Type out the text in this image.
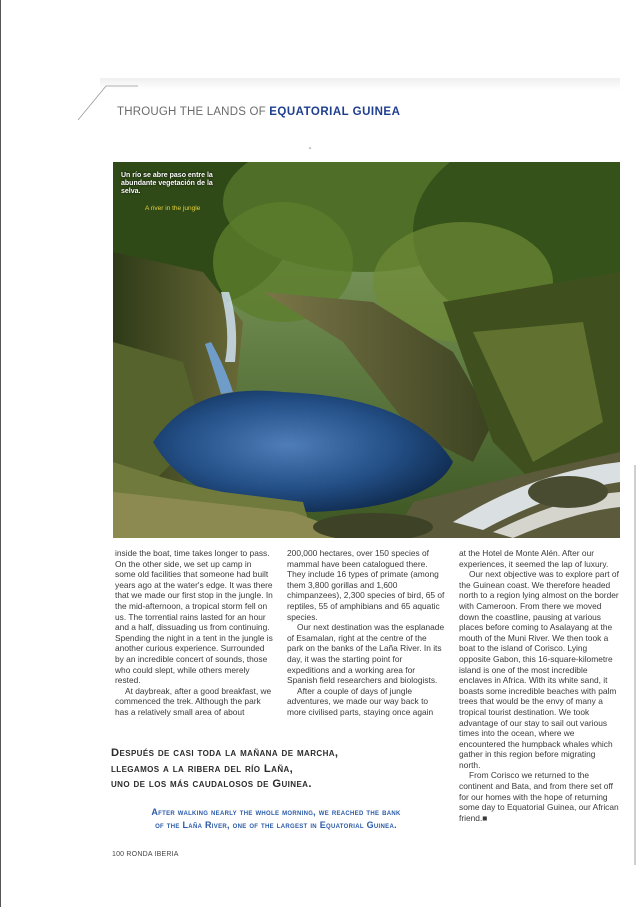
THROUGH THE LANDS OF EQUATORIAL GUINEA
"
Un río se abre paso entre la abundante vegetación de la selva.
A river in the jungle

inside the boat, time takes longer to pass. On the other side, we set up camp in some old facilities that someone had built years ago at the water's edge. It was there that we made our first stop in the jungle. In the mid-afternoon, a tropical storm fell on us. The torrential rains lasted for an hour and a half, dissuading us from continuing. Spending the night in a tent in the jungle is another curious experience. Surrounded by an incredible concert of sounds, those who could slept, while others merely rested.

At daybreak, after a good breakfast, we commenced the trek. Although the park has a relatively small area of about

200,000 hectares, over 150 species of mammal have been catalogued there. They include 16 types of primate (among them 3,800 gorillas and 1,600 chimpanzees), 2,300 species of bird, 65 of reptiles, 55 of amphibians and 65 aquatic species.

Our next destination was the esplanade of Esamalan, right at the centre of the park on the banks of the Laña River. In its day, it was the starting point for expeditions and a working area for Spanish field researchers and biologists.

After a couple of days of jungle adventures, we made our way back to more civilised parts, staying once again

at the Hotel de Monte Alén. After our experiences, it seemed the lap of luxury.

Our next objective was to explore part of the Guinean coast. We therefore headed north to a region lying almost on the border with Cameroon. From there we moved down the coastline, pausing at various places before coming to Asalayang at the mouth of the Muni River. We then took a boat to the island of Corisco. Lying opposite Gabon, this 16-square-kilometre island is one of the most incredible enclaves in Africa. With its white sand, it boasts some incredible beaches with palm trees that would be the envy of many a tropical tourist destination. We took advantage of our stay to sail out various times into the ocean, where we encountered the humpback whales which gather in this region before migrating north.

From Corisco we returned to the continent and Bata, and from there set off for our homes with the hope of returning some day to Equatorial Guinea, our African friend.■

Después de casi toda la mañana de marcha,
llegamos a la ribera del río Laña,
uno de los más caudalosos de Guinea.
After walking nearly the whole morning, we reached the bank
of the Laña River, one of the largest in Equatorial Guinea.
100 RONDA IBERIA
